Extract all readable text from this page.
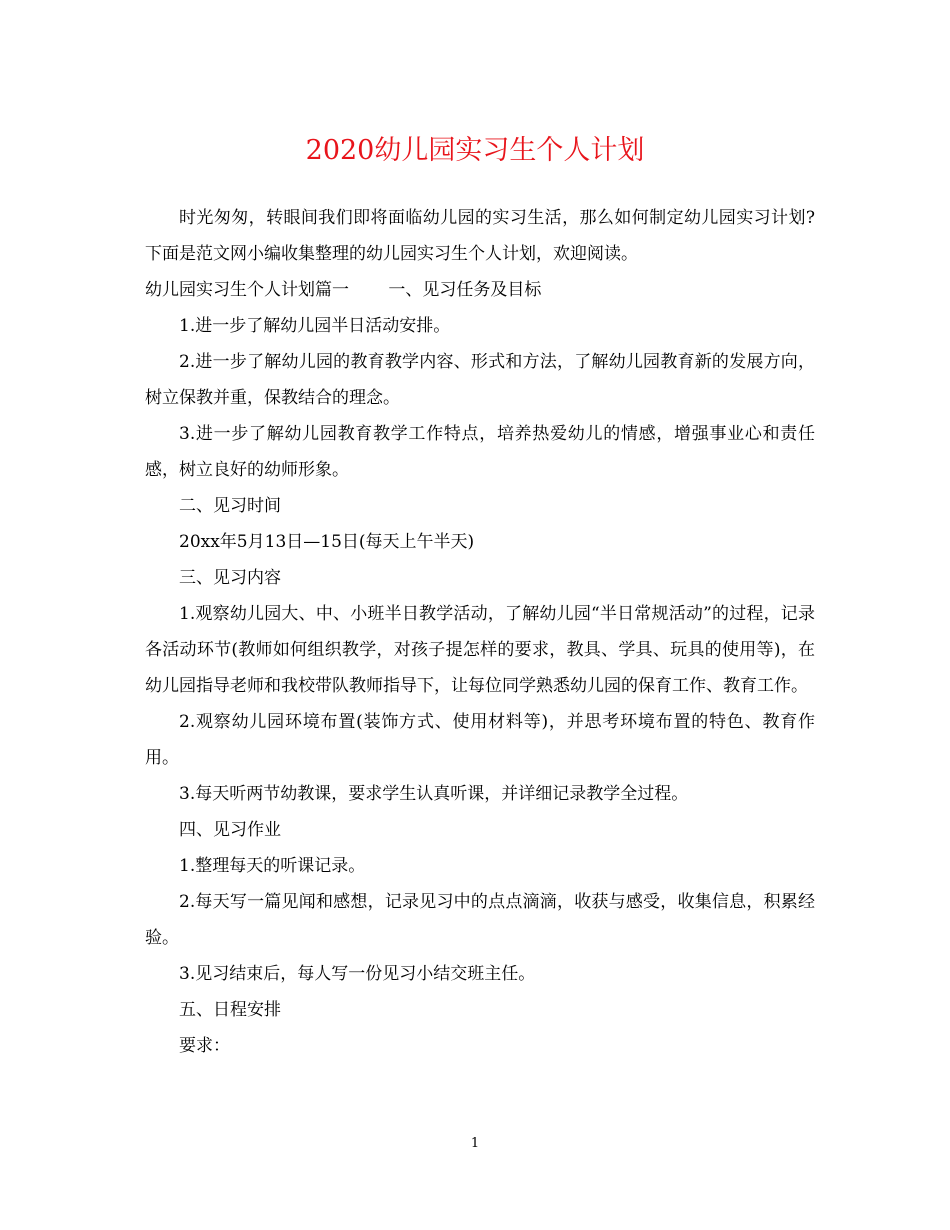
2020幼儿园实习生个人计划

时光匆匆，转眼间我们即将面临幼儿园的实习生活，那么如何制定幼儿园实习计划?下面是范文网小编收集整理的幼儿园实习生个人计划，欢迎阅读。

幼儿园实习生个人计划篇一　　 一、见习任务及目标

1.进一步了解幼儿园半日活动安排。

2.进一步了解幼儿园的教育教学内容、形式和方法，了解幼儿园教育新的发展方向，树立保教并重，保教结合的理念。

3.进一步了解幼儿园教育教学工作特点，培养热爱幼儿的情感，增强事业心和责任感，树立良好的幼师形象。

二、见习时间

20xx年5月13日—15日(每天上午半天)

三、见习内容

1.观察幼儿园大、中、小班半日教学活动，了解幼儿园“半日常规活动”的过程，记录各活动环节(教师如何组织教学，对孩子提怎样的要求，教具、学具、玩具的使用等)，在幼儿园指导老师和我校带队教师指导下，让每位同学熟悉幼儿园的保育工作、教育工作。

2.观察幼儿园环境布置(装饰方式、使用材料等)，并思考环境布置的特色、教育作用。

3.每天听两节幼教课，要求学生认真听课，并详细记录教学全过程。

四、见习作业

1.整理每天的听课记录。

2.每天写一篇见闻和感想，记录见习中的点点滴滴，收获与感受，收集信息，积累经验。

3.见习结束后，每人写一份见习小结交班主任。

五、日程安排

要求：

1
